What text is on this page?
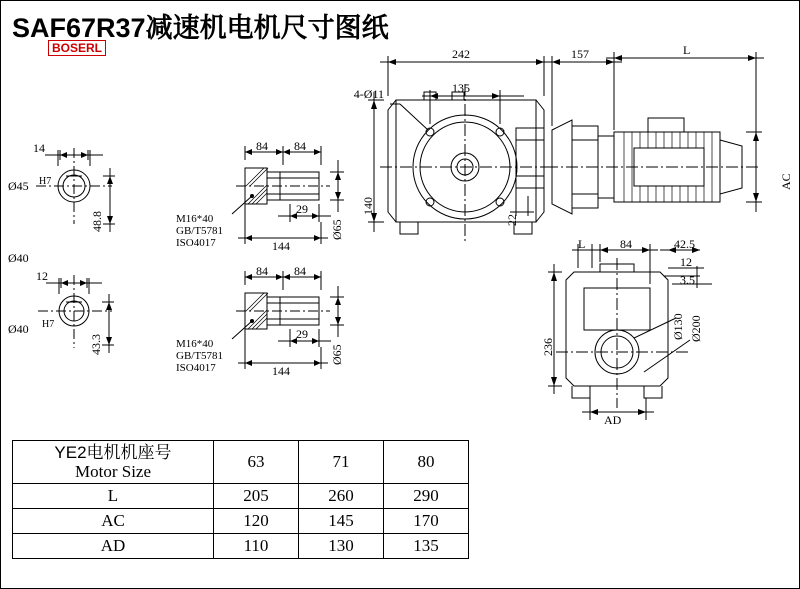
SAF67R37减速机电机尺寸图纸
BOSERL
14
Ø45 H7
48.8
Ø40
12
Ø40 H7
43.3
84 84
29
144
Ø65
M16*40
GB/T5781
ISO4017
84 84
29
144
Ø65
M16*40
GB/T5781
ISO4017
242
135
4-Ø11
140
22
157	L
AC
236
L	84	42.5
12
3.5
Ø130 Ø200
AD
YE2电机机座号
Motor Size	63	71	80
L	205	260	290
AC	120	145	170
AD	110	130	135
